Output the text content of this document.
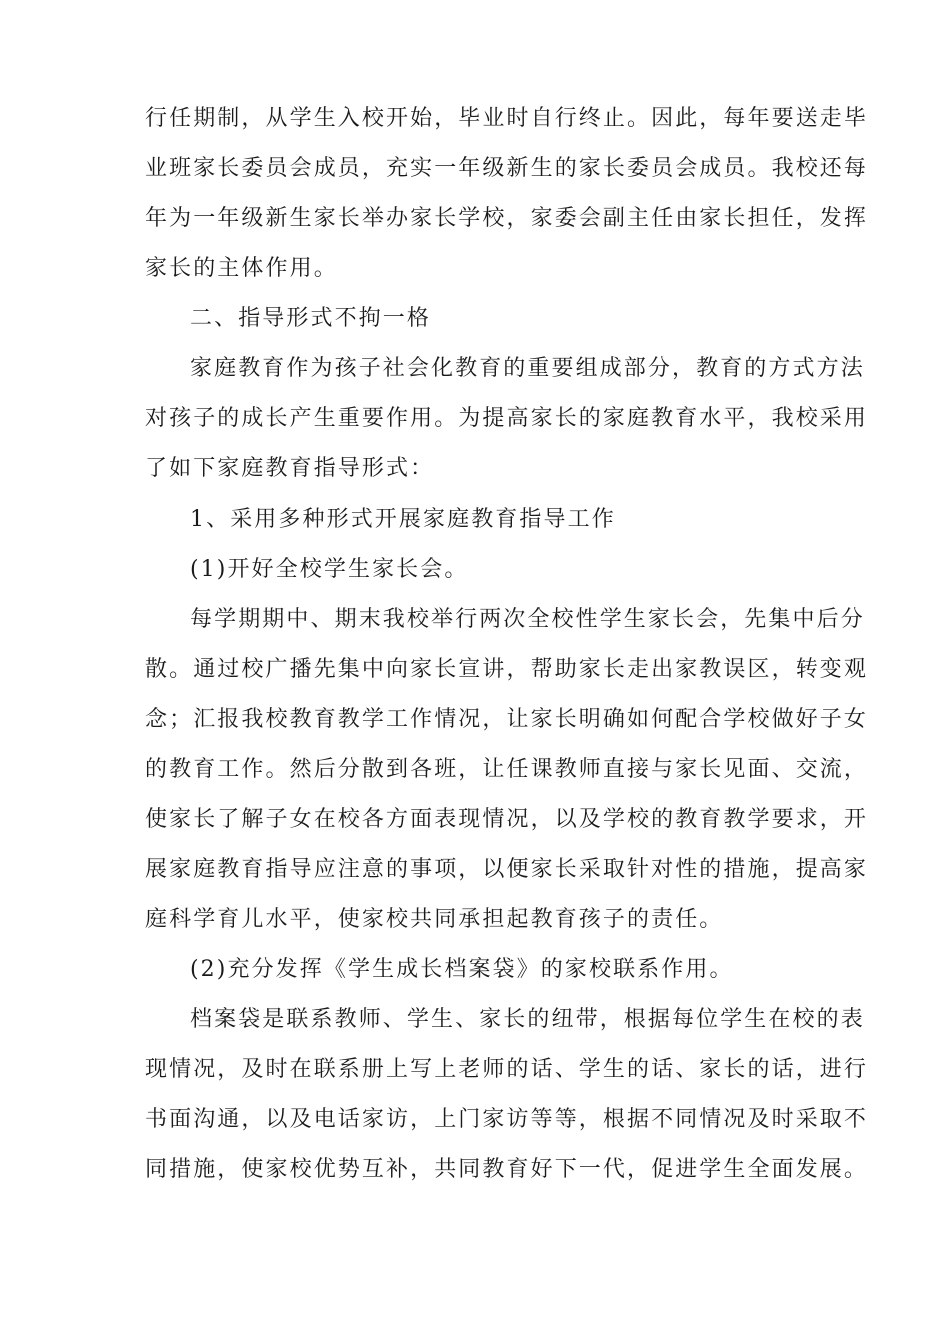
行任期制，从学生入校开始，毕业时自行终止。因此，每年要送走毕
业班家长委员会成员，充实一年级新生的家长委员会成员。我校还每
年为一年级新生家长举办家长学校，家委会副主任由家长担任，发挥
家长的主体作用。
二、指导形式不拘一格
家庭教育作为孩子社会化教育的重要组成部分，教育的方式方法
对孩子的成长产生重要作用。为提高家长的家庭教育水平，我校采用
了如下家庭教育指导形式：
1、采用多种形式开展家庭教育指导工作
(1)开好全校学生家长会。
每学期期中、期末我校举行两次全校性学生家长会，先集中后分
散。通过校广播先集中向家长宣讲，帮助家长走出家教误区，转变观
念；汇报我校教育教学工作情况，让家长明确如何配合学校做好子女
的教育工作。然后分散到各班，让任课教师直接与家长见面、交流，
使家长了解子女在校各方面表现情况，以及学校的教育教学要求，开
展家庭教育指导应注意的事项，以便家长采取针对性的措施，提高家
庭科学育儿水平，使家校共同承担起教育孩子的责任。
(2)充分发挥《学生成长档案袋》的家校联系作用。
档案袋是联系教师、学生、家长的纽带，根据每位学生在校的表
现情况，及时在联系册上写上老师的话、学生的话、家长的话，进行
书面沟通，以及电话家访，上门家访等等，根据不同情况及时采取不
同措施，使家校优势互补，共同教育好下一代，促进学生全面发展。
